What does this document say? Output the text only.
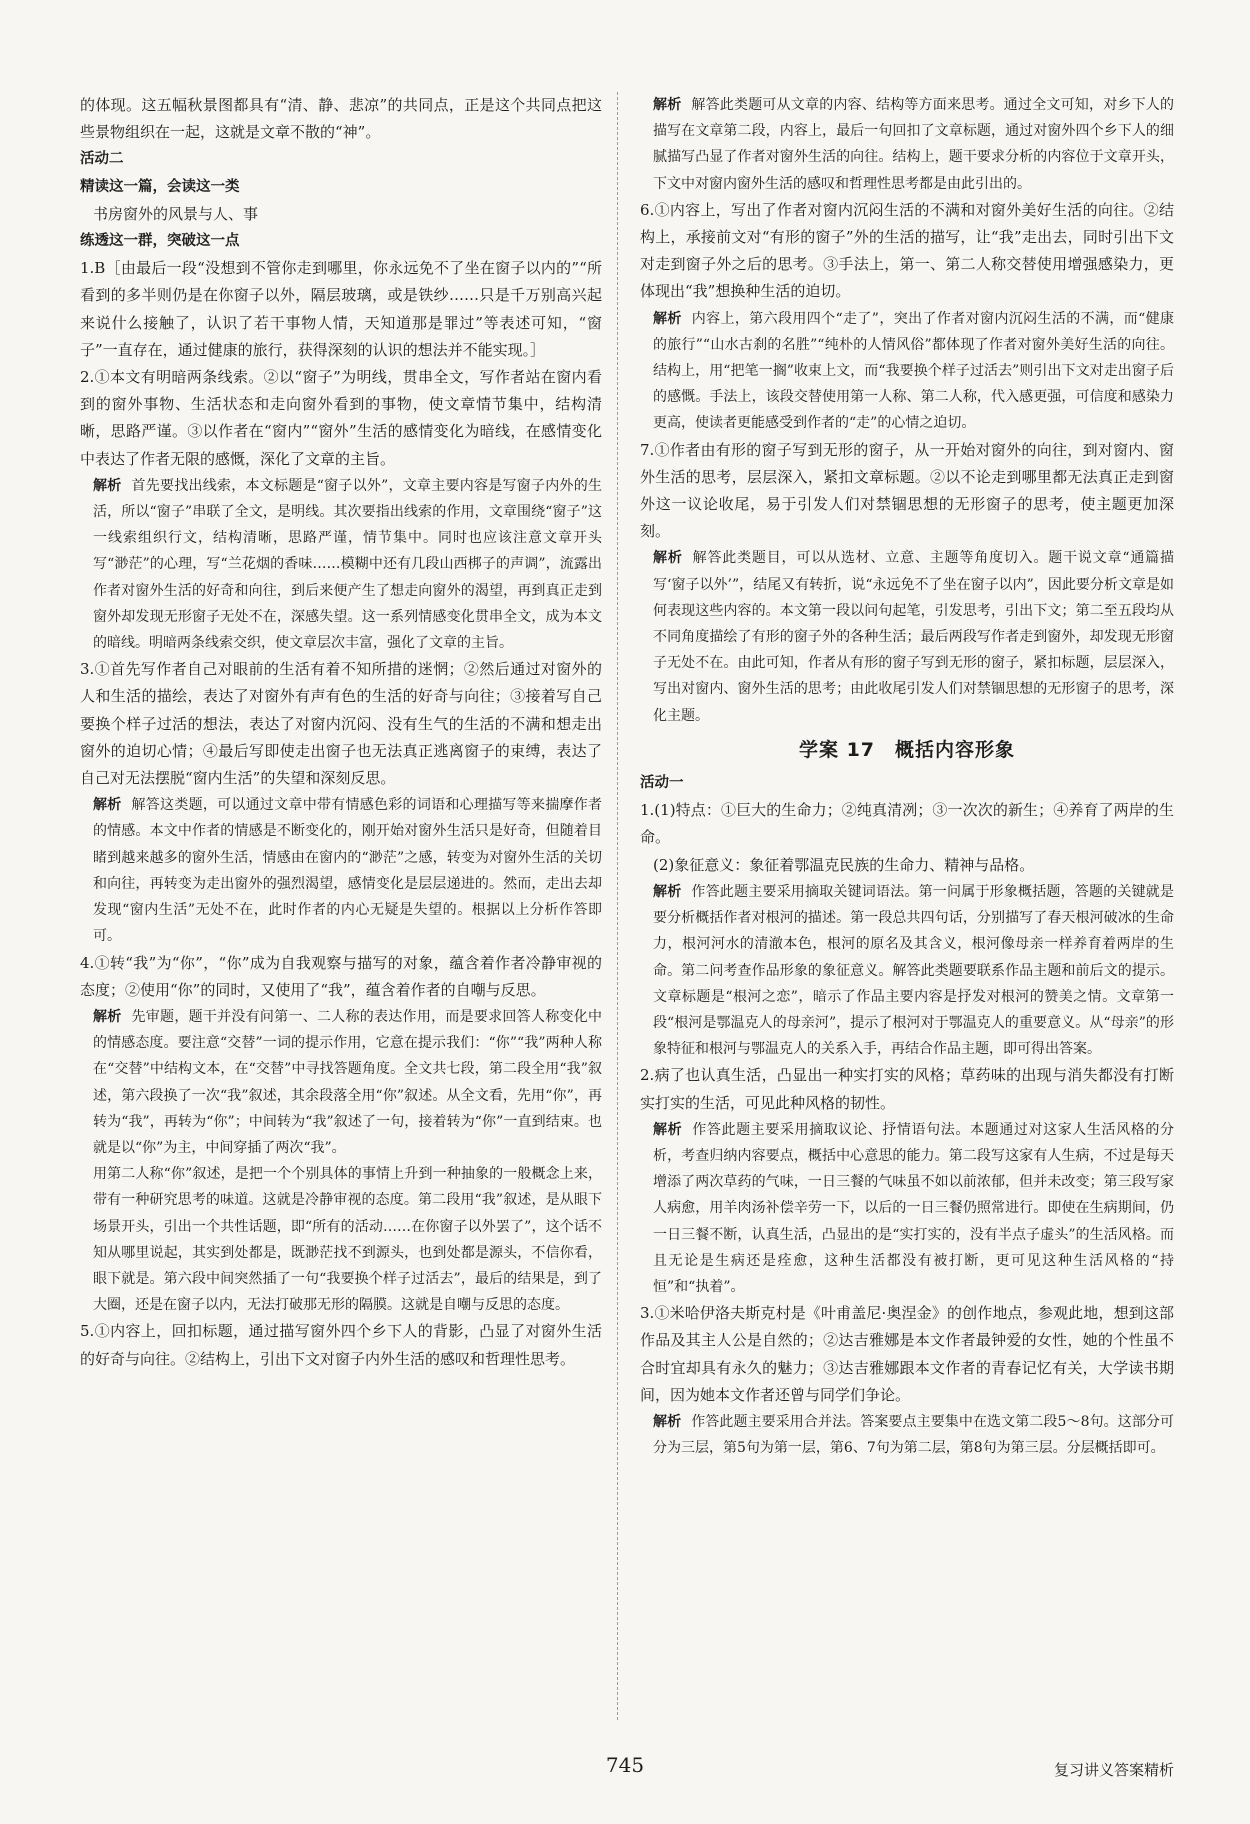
的体现。这五幅秋景图都具有“清、静、悲凉”的共同点，正是这个共同点把这些景物组织在一起，这就是文章不散的“神”。

活动二

精读这一篇，会读这一类

书房窗外的风景与人、事

练透这一群，突破这一点

1.B［由最后一段“没想到不管你走到哪里，你永远免不了坐在窗子以内的”“所看到的多半则仍是在你窗子以外，隔层玻璃，或是铁纱……只是千万别高兴起来说什么接触了，认识了若干事物人情，天知道那是罪过”等表述可知，“窗子”一直存在，通过健康的旅行，获得深刻的认识的想法并不能实现。］

2.①本文有明暗两条线索。②以“窗子”为明线，贯串全文，写作者站在窗内看到的窗外事物、生活状态和走向窗外看到的事物，使文章情节集中，结构清晰，思路严谨。③以作者在“窗内”“窗外”生活的感情变化为暗线，在感情变化中表达了作者无限的感慨，深化了文章的主旨。

解析 首先要找出线索，本文标题是“窗子以外”，文章主要内容是写窗子内外的生活，所以“窗子”串联了全文，是明线。其次要指出线索的作用，文章围绕“窗子”这一线索组织行文，结构清晰，思路严谨，情节集中。同时也应该注意文章开头写“渺茫”的心理，写“兰花烟的香味……模糊中还有几段山西梆子的声调”，流露出作者对窗外生活的好奇和向往，到后来便产生了想走向窗外的渴望，再到真正走到窗外却发现无形窗子无处不在，深感失望。这一系列情感变化贯串全文，成为本文的暗线。明暗两条线索交织，使文章层次丰富，强化了文章的主旨。

3.①首先写作者自己对眼前的生活有着不知所措的迷惘；②然后通过对窗外的人和生活的描绘，表达了对窗外有声有色的生活的好奇与向往；③接着写自己要换个样子过活的想法，表达了对窗内沉闷、没有生气的生活的不满和想走出窗外的迫切心情；④最后写即使走出窗子也无法真正逃离窗子的束缚，表达了自己对无法摆脱“窗内生活”的失望和深刻反思。

解析 解答这类题，可以通过文章中带有情感色彩的词语和心理描写等来揣摩作者的情感。本文中作者的情感是不断变化的，刚开始对窗外生活只是好奇，但随着目睹到越来越多的窗外生活，情感由在窗内的“渺茫”之感，转变为对窗外生活的关切和向往，再转变为走出窗外的强烈渴望，感情变化是层层递进的。然而，走出去却发现“窗内生活”无处不在，此时作者的内心无疑是失望的。根据以上分析作答即可。

4.①转“我”为“你”，“你”成为自我观察与描写的对象，蕴含着作者冷静审视的态度；②使用“你”的同时，又使用了“我”，蕴含着作者的自嘲与反思。

解析 先审题，题干并没有问第一、二人称的表达作用，而是要求回答人称变化中的情感态度。要注意“交替”一词的提示作用，它意在提示我们：“你”“我”两种人称在“交替”中结构文本，在“交替”中寻找答题角度。全文共七段，第二段全用“我”叙述，第六段换了一次“我”叙述，其余段落全用“你”叙述。从全文看，先用“你”，再转为“我”，再转为“你”；中间转为“我”叙述了一句，接着转为“你”一直到结束。也就是以“你”为主，中间穿插了两次“我”。

用第二人称“你”叙述，是把一个个别具体的事情上升到一种抽象的一般概念上来，带有一种研究思考的味道。这就是冷静审视的态度。第二段用“我”叙述，是从眼下场景开头，引出一个共性话题，即“所有的活动……在你窗子以外罢了”，这个话不知从哪里说起，其实到处都是，既渺茫找不到源头，也到处都是源头，不信你看，眼下就是。第六段中间突然插了一句“我要换个样子过活去”，最后的结果是，到了大圈，还是在窗子以内，无法打破那无形的隔膜。这就是自嘲与反思的态度。

5.①内容上，回扣标题，通过描写窗外四个乡下人的背影，凸显了对窗外生活的好奇与向往。②结构上，引出下文对窗子内外生活的感叹和哲理性思考。

解析 解答此类题可从文章的内容、结构等方面来思考。通过全文可知，对乡下人的描写在文章第二段，内容上，最后一句回扣了文章标题，通过对窗外四个乡下人的细腻描写凸显了作者对窗外生活的向往。结构上，题干要求分析的内容位于文章开头，下文中对窗内窗外生活的感叹和哲理性思考都是由此引出的。

6.①内容上，写出了作者对窗内沉闷生活的不满和对窗外美好生活的向往。②结构上，承接前文对“有形的窗子”外的生活的描写，让“我”走出去，同时引出下文对走到窗子外之后的思考。③手法上，第一、第二人称交替使用增强感染力，更体现出“我”想换种生活的迫切。

解析 内容上，第六段用四个“走了”，突出了作者对窗内沉闷生活的不满，而“健康的旅行”“山水古刹的名胜”“纯朴的人情风俗”都体现了作者对窗外美好生活的向往。结构上，用“把笔一搁”收束上文，而“我要换个样子过活去”则引出下文对走出窗子后的感慨。手法上，该段交替使用第一人称、第二人称，代入感更强，可信度和感染力更高，使读者更能感受到作者的“走”的心情之迫切。

7.①作者由有形的窗子写到无形的窗子，从一开始对窗外的向往，到对窗内、窗外生活的思考，层层深入，紧扣文章标题。②以不论走到哪里都无法真正走到窗外这一议论收尾，易于引发人们对禁锢思想的无形窗子的思考，使主题更加深刻。

解析 解答此类题目，可以从选材、立意、主题等角度切入。题干说文章“通篇描写‘窗子以外’”，结尾又有转折，说“永远免不了坐在窗子以内”，因此要分析文章是如何表现这些内容的。本文第一段以问句起笔，引发思考，引出下文；第二至五段均从不同角度描绘了有形的窗子外的各种生活；最后两段写作者走到窗外，却发现无形窗子无处不在。由此可知，作者从有形的窗子写到无形的窗子，紧扣标题，层层深入，写出对窗内、窗外生活的思考；由此收尾引发人们对禁锢思想的无形窗子的思考，深化主题。

学案 17　概括内容形象

活动一

1.(1)特点：①巨大的生命力；②纯真清冽；③一次次的新生；④养育了两岸的生命。

(2)象征意义：象征着鄂温克民族的生命力、精神与品格。

解析 作答此题主要采用摘取关键词语法。第一问属于形象概括题，答题的关键就是要分析概括作者对根河的描述。第一段总共四句话，分别描写了春天根河破冰的生命力，根河河水的清澈本色，根河的原名及其含义，根河像母亲一样养育着两岸的生命。第二问考查作品形象的象征意义。解答此类题要联系作品主题和前后文的提示。文章标题是“根河之恋”，暗示了作品主要内容是抒发对根河的赞美之情。文章第一段“根河是鄂温克人的母亲河”，提示了根河对于鄂温克人的重要意义。从“母亲”的形象特征和根河与鄂温克人的关系入手，再结合作品主题，即可得出答案。

2.病了也认真生活，凸显出一种实打实的风格；草药味的出现与消失都没有打断实打实的生活，可见此种风格的韧性。

解析 作答此题主要采用摘取议论、抒情语句法。本题通过对这家人生活风格的分析，考查归纳内容要点，概括中心意思的能力。第二段写这家有人生病，不过是每天增添了两次草药的气味，一日三餐的气味虽不如以前浓郁，但并未改变；第三段写家人病愈，用羊肉汤补偿辛劳一下，以后的一日三餐仍照常进行。即使在生病期间，仍一日三餐不断，认真生活，凸显出的是“实打实的，没有半点子虚头”的生活风格。而且无论是生病还是痊愈，这种生活都没有被打断，更可见这种生活风格的“持恒”和“执着”。

3.①米哈伊洛夫斯克村是《叶甫盖尼·奥涅金》的创作地点，参观此地，想到这部作品及其主人公是自然的；②达吉雅娜是本文作者最钟爱的女性，她的个性虽不合时宜却具有永久的魅力；③达吉雅娜跟本文作者的青春记忆有关，大学读书期间，因为她本文作者还曾与同学们争论。

解析 作答此题主要采用合并法。答案要点主要集中在选文第二段5～8句。这部分可分为三层，第5句为第一层，第6、7句为第二层，第8句为第三层。分层概括即可。

745	复习讲义答案精析
